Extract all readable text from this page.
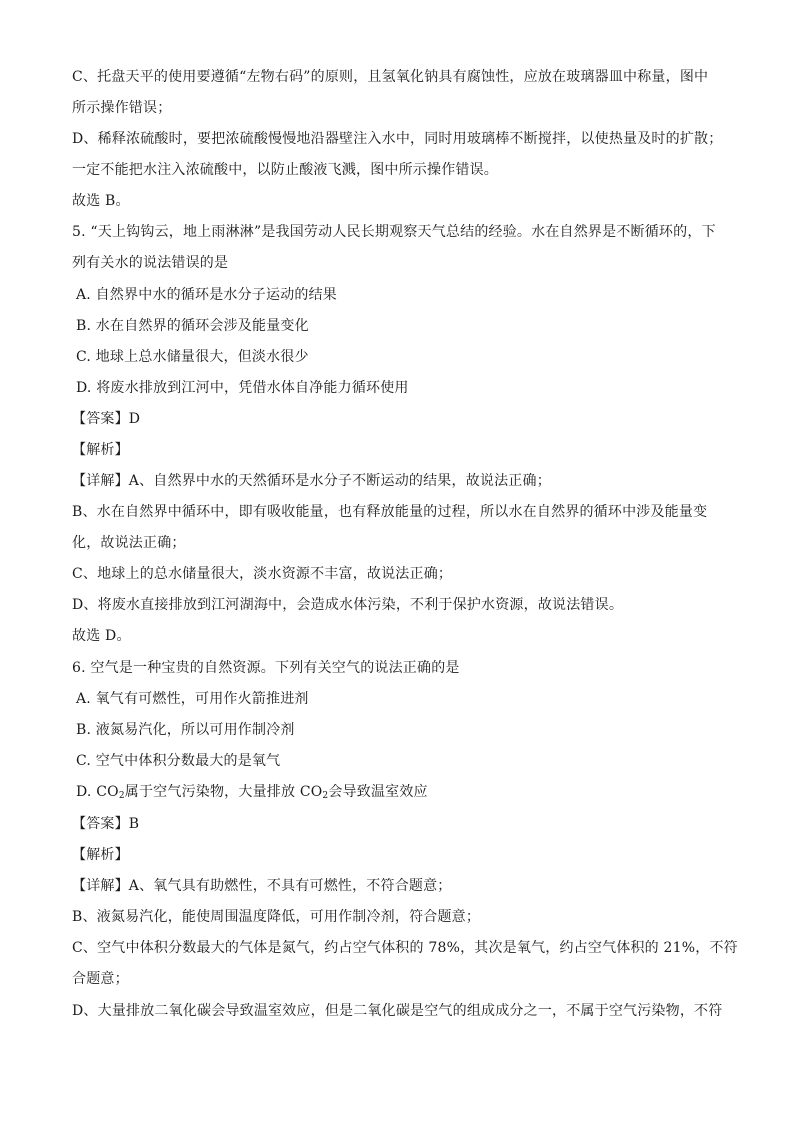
C、托盘天平的使用要遵循“左物右码”的原则，且氢氧化钠具有腐蚀性，应放在玻璃器皿中称量，图中
所示操作错误；
D、稀释浓硫酸时，要把浓硫酸慢慢地沿器壁注入水中，同时用玻璃棒不断搅拌，以使热量及时的扩散；
一定不能把水注入浓硫酸中，以防止酸液飞溅，图中所示操作错误。
故选 B。
5. “天上钩钩云，地上雨淋淋”是我国劳动人民长期观察天气总结的经验。水在自然界是不断循环的，下
列有关水的说法错误的是
A. 自然界中水的循环是水分子运动的结果
B. 水在自然界的循环会涉及能量变化
C. 地球上总水储量很大，但淡水很少
D. 将废水排放到江河中，凭借水体自净能力循环使用
【答案】D
【解析】
【详解】A、自然界中水的天然循环是水分子不断运动的结果，故说法正确；
B、水在自然界中循环中，即有吸收能量，也有释放能量的过程，所以水在自然界的循环中涉及能量变
化，故说法正确；
C、地球上的总水储量很大，淡水资源不丰富，故说法正确；
D、将废水直接排放到江河湖海中，会造成水体污染，不利于保护水资源，故说法错误。
故选 D。
6. 空气是一种宝贵的自然资源。下列有关空气的说法正确的是
A. 氧气有可燃性，可用作火箭推进剂
B. 液氮易汽化，所以可用作制冷剂
C. 空气中体积分数最大的是氧气
D. $CO_2$属于空气污染物，大量排放 $CO_2$会导致温室效应
【答案】B
【解析】
【详解】A、氧气具有助燃性，不具有可燃性，不符合题意；
B、液氮易汽化，能使周围温度降低，可用作制冷剂，符合题意；
C、空气中体积分数最大的气体是氮气，约占空气体积的 78%，其次是氧气，约占空气体积的 21%，不符
合题意；
D、大量排放二氧化碳会导致温室效应，但是二氧化碳是空气的组成成分之一，不属于空气污染物，不符
